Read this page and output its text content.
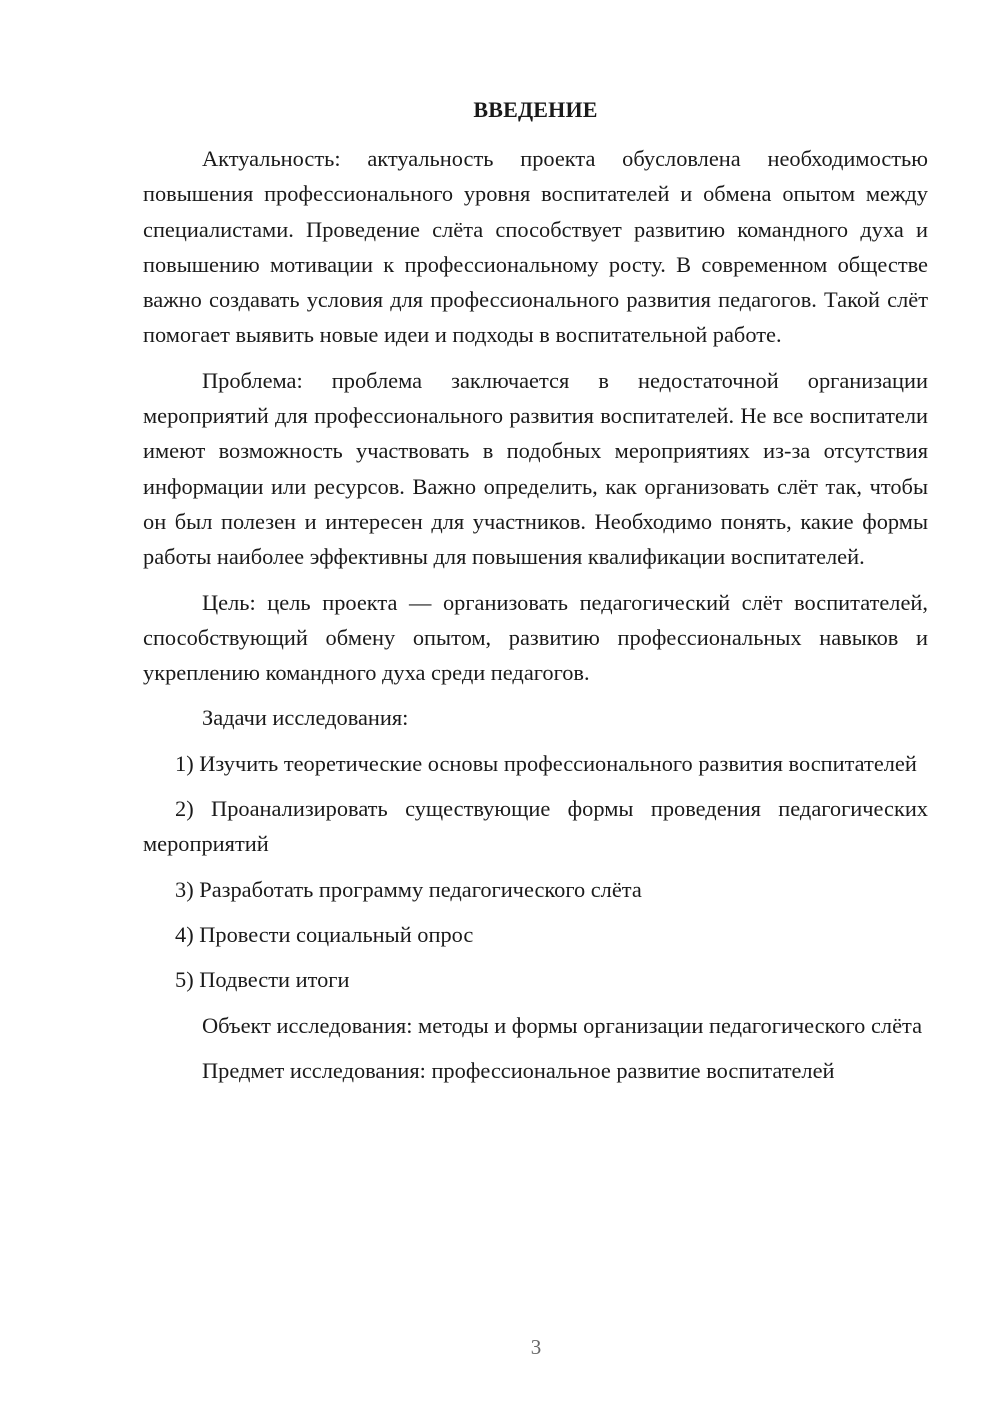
ВВЕДЕНИЕ

Актуальность: актуальность проекта обусловлена необходимостью повышения профессионального уровня воспитателей и обмена опытом между специалистами. Проведение слёта способствует развитию командного духа и повышению мотивации к профессиональному росту. В современном обществе важно создавать условия для профессионального развития педагогов. Такой слёт помогает выявить новые идеи и подходы в воспитательной работе.

Проблема: проблема заключается в недостаточной организации мероприятий для профессионального развития воспитателей. Не все воспитатели имеют возможность участвовать в подобных мероприятиях из-за отсутствия информации или ресурсов. Важно определить, как организовать слёт так, чтобы он был полезен и интересен для участников. Необходимо понять, какие формы работы наиболее эффективны для повышения квалификации воспитателей.

Цель: цель проекта — организовать педагогический слёт воспитателей, способствующий обмену опытом, развитию профессиональных навыков и укреплению командного духа среди педагогов.

Задачи исследования:

1) Изучить теоретические основы профессионального развития воспитателей

2) Проанализировать существующие формы проведения педагогических мероприятий

3) Разработать программу педагогического слёта

4) Провести социальный опрос

5) Подвести итоги

Объект исследования: методы и формы организации педагогического слёта

Предмет исследования: профессиональное развитие воспитателей

3
